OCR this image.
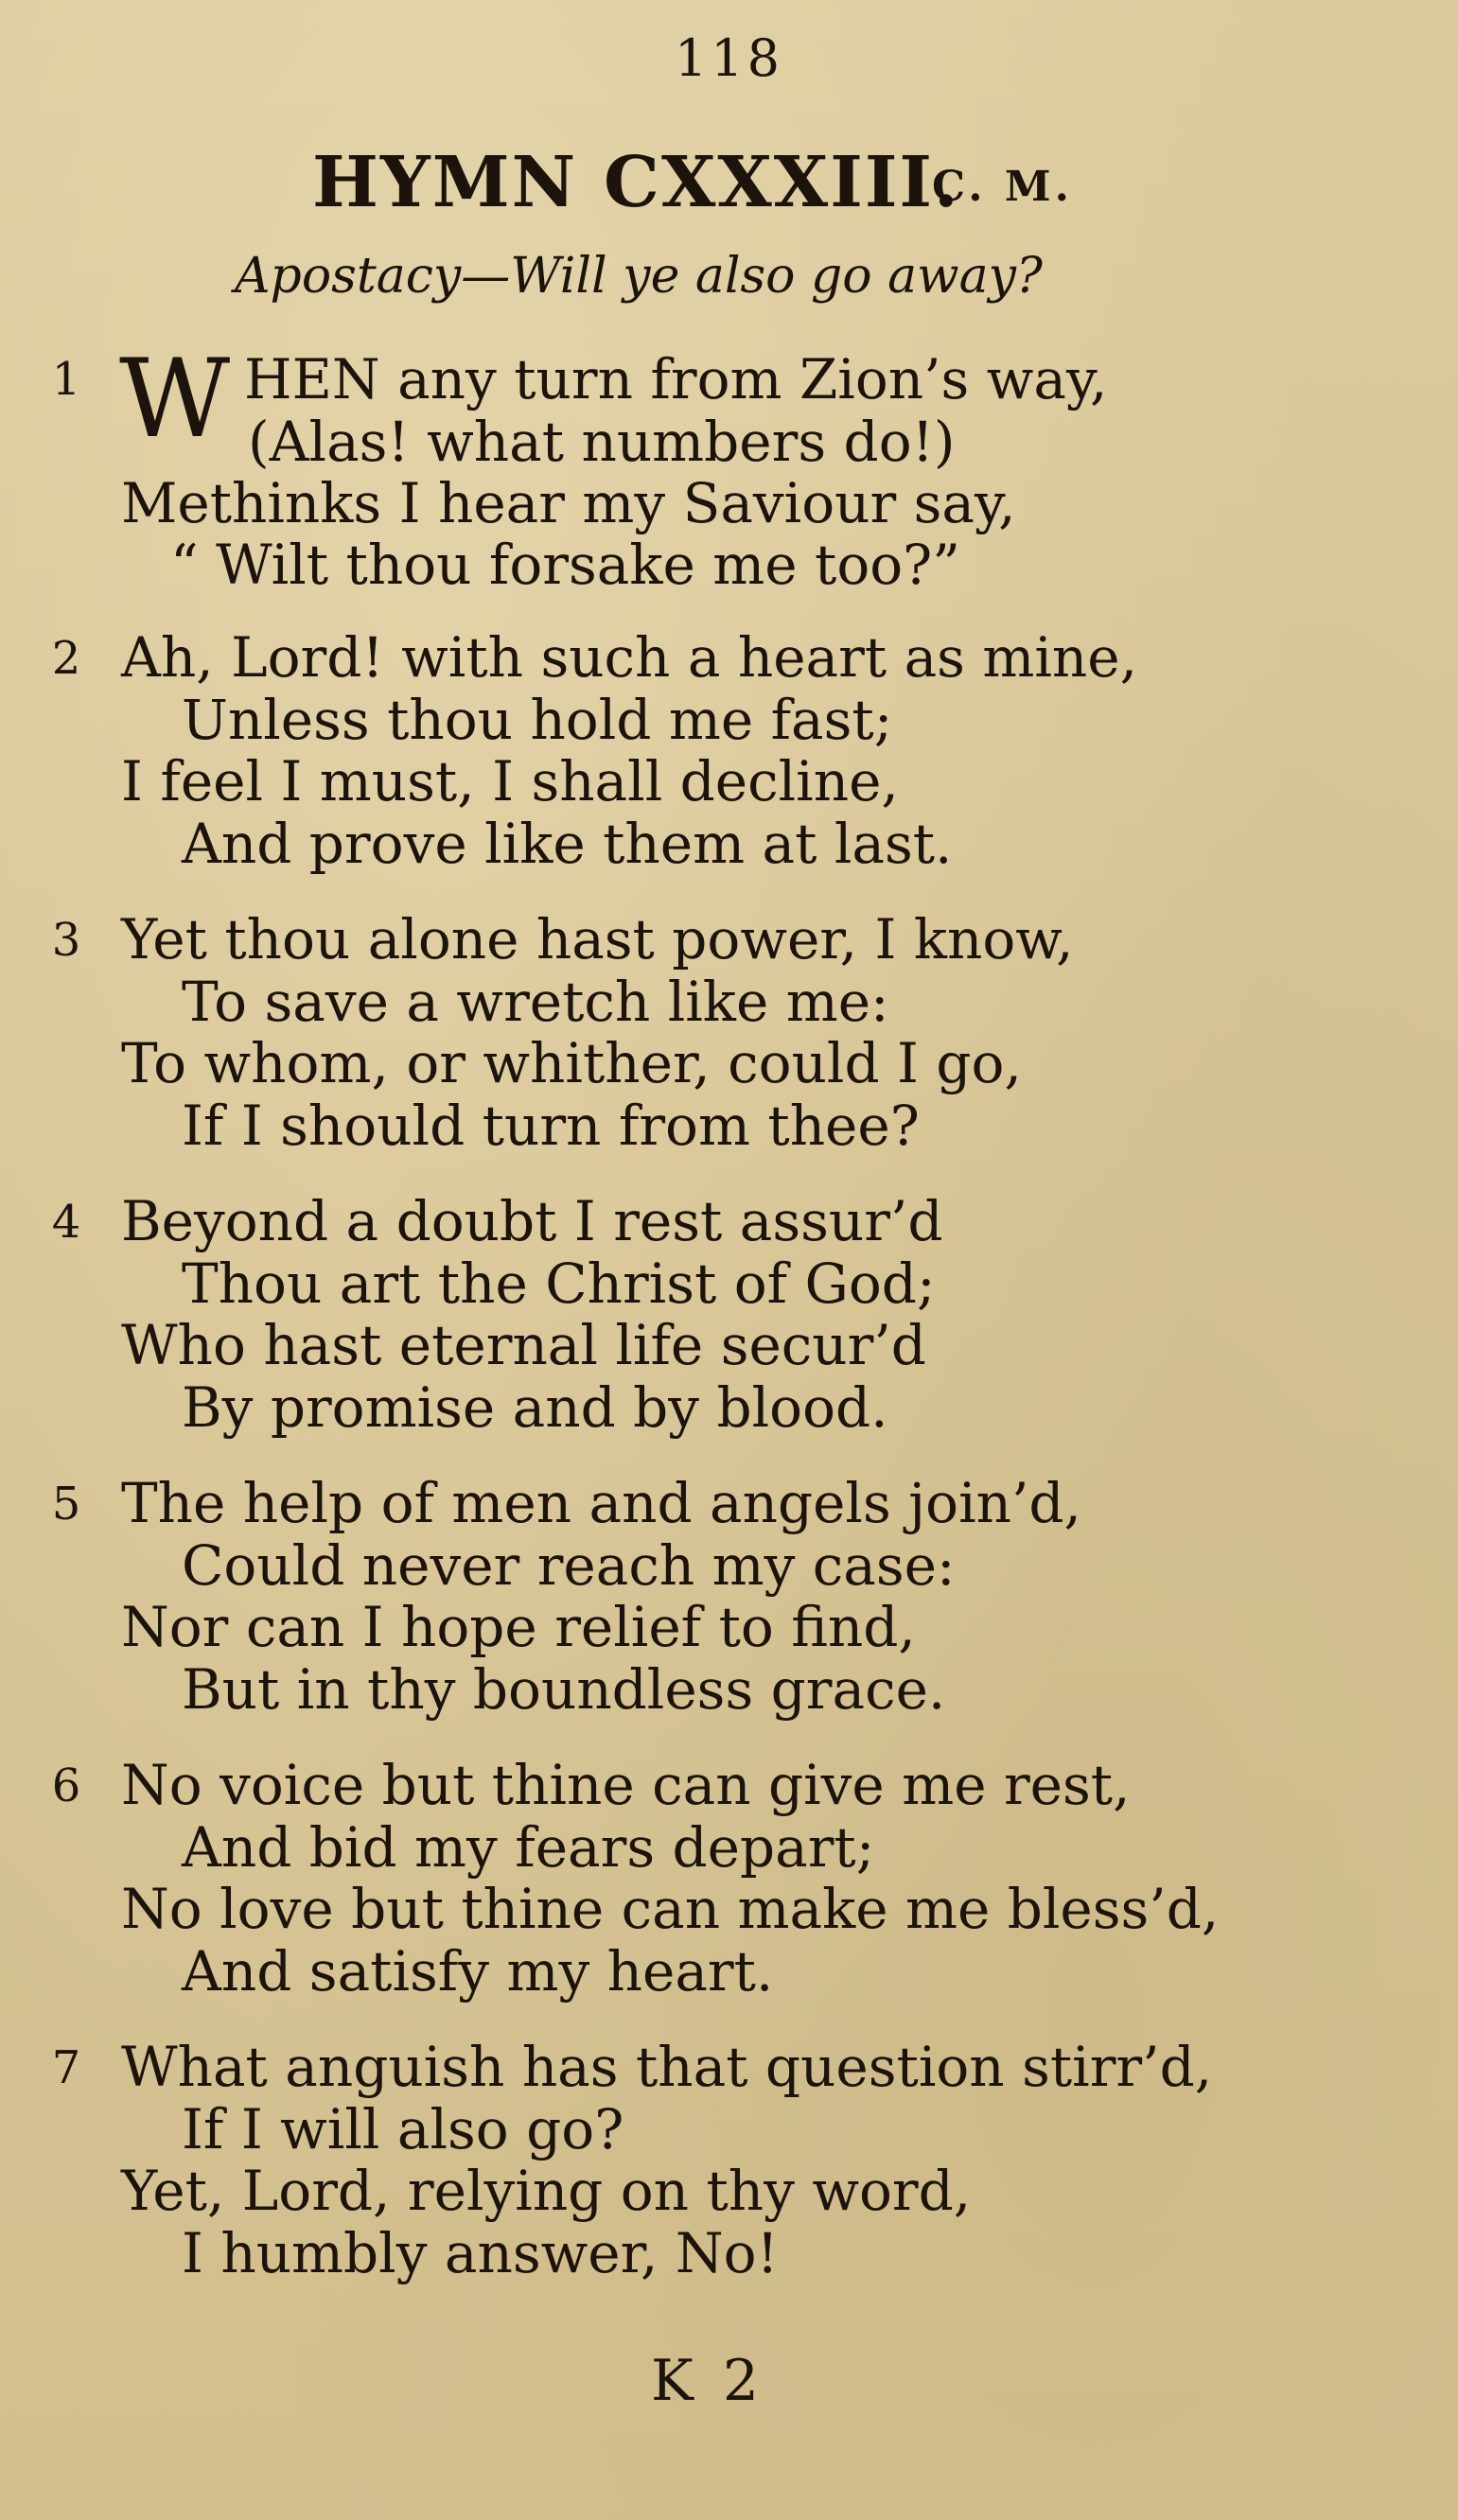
118
HYMN CXXXIII.
C. M.
Apostacy—Will ye also go away?
1 W HEN any turn from Zion’s way,
(Alas! what numbers do!)
Methinks I hear my Saviour say,
“ Wilt thou forsake me too?”
2 Ah, Lord! with such a heart as mine,
Unless thou hold me fast;
I feel I must, I shall decline,
And prove like them at last.
3 Yet thou alone hast power, I know,
To save a wretch like me:
To whom, or whither, could I go,
If I should turn from thee?
4 Beyond a doubt I rest assur’d
Thou art the Christ of God;
Who hast eternal life secur’d
By promise and by blood.
5 The help of men and angels join’d,
Could never reach my case:
Nor can I hope relief to find,
But in thy boundless grace.
6 No voice but thine can give me rest,
And bid my fears depart;
No love but thine can make me bless’d,
And satisfy my heart.
7 What anguish has that question stirr’d,
If I will also go?
Yet, Lord, relying on thy word,
I humbly answer, No!
K 2
